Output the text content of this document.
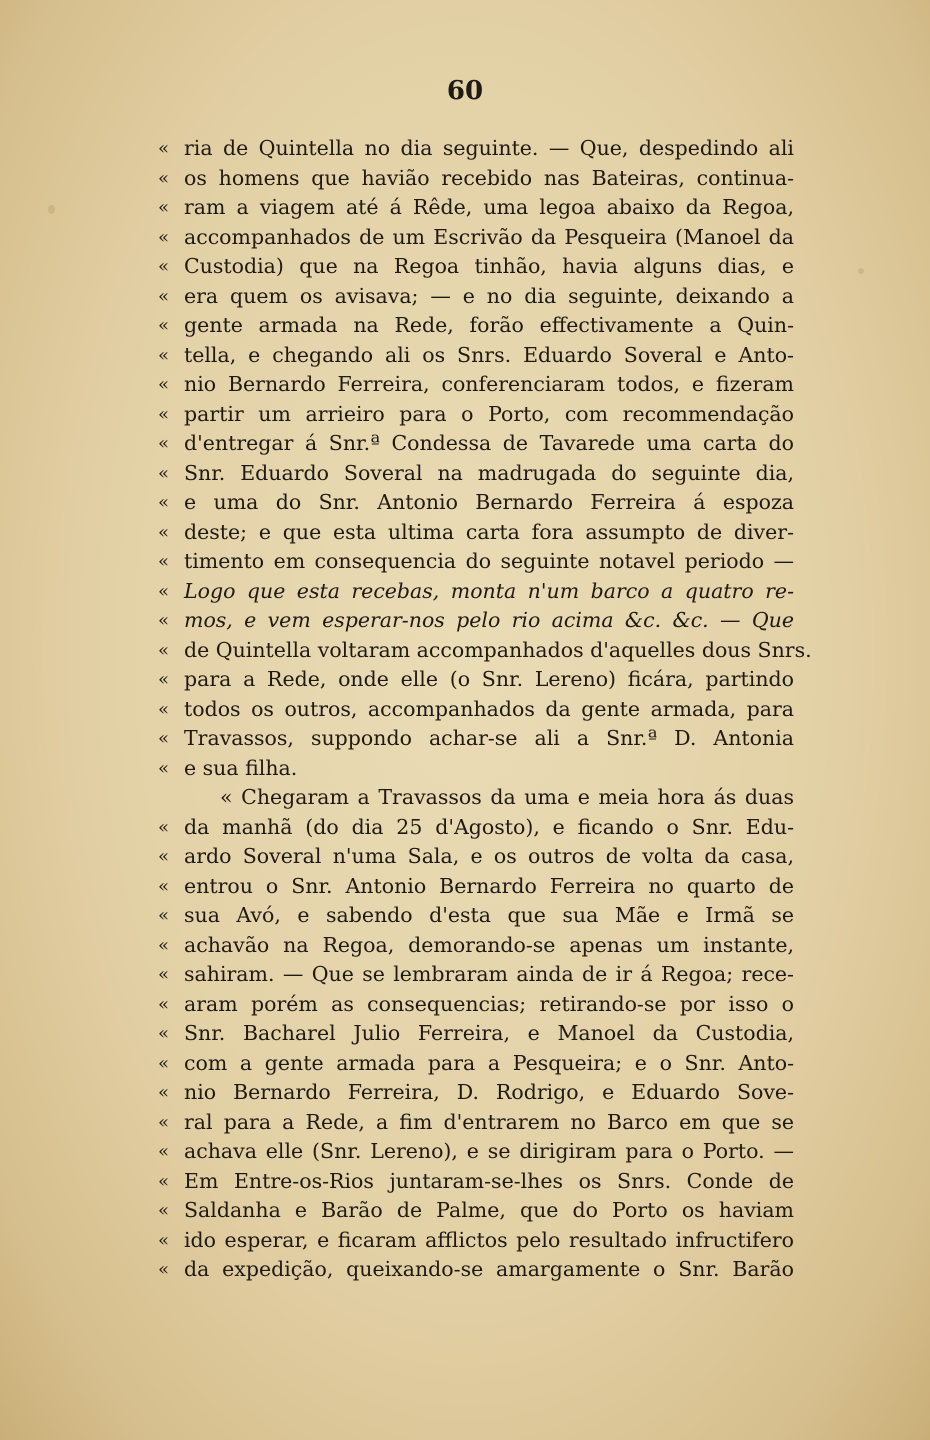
60
« ria de Quintella no dia seguinte. — Que, despedindo ali
« os homens que havião recebido nas Bateiras, continua-
« ram a viagem até á Rêde, uma legoa abaixo da Regoa,
« accompanhados de um Escrivão da Pesqueira (Manoel da
« Custodia) que na Regoa tinhão, havia alguns dias, e
« era quem os avisava; — e no dia seguinte, deixando a
« gente armada na Rede, forão effectivamente a Quin-
« tella, e chegando ali os Snrs. Eduardo Soveral e Anto-
« nio Bernardo Ferreira, conferenciaram todos, e fizeram
« partir um arrieiro para o Porto, com recommendação
« d'entregar á Snr.ª Condessa de Tavarede uma carta do
« Snr. Eduardo Soveral na madrugada do seguinte dia,
« e uma do Snr. Antonio Bernardo Ferreira á espoza
« deste; e que esta ultima carta fora assumpto de diver-
« timento em consequencia do seguinte notavel periodo —
« Logo que esta recebas, monta n'um barco a quatro re-
« mos, e vem esperar-nos pelo rio acima &c. &c. — Que
« de Quintella voltaram accompanhados d'aquelles dous Snrs.
« para a Rede, onde elle (o Snr. Lereno) ficára, partindo
« todos os outros, accompanhados da gente armada, para
« Travassos, suppondo achar-se ali a Snr.ª D. Antonia
« e sua filha.
« Chegaram a Travassos da uma e meia hora ás duas
« da manhã (do dia 25 d'Agosto), e ficando o Snr. Edu-
« ardo Soveral n'uma Sala, e os outros de volta da casa,
« entrou o Snr. Antonio Bernardo Ferreira no quarto de
« sua Avó, e sabendo d'esta que sua Mãe e Irmã se
« achavão na Regoa, demorando-se apenas um instante,
« sahiram. — Que se lembraram ainda de ir á Regoa; rece-
« aram porém as consequencias; retirando-se por isso o
« Snr. Bacharel Julio Ferreira, e Manoel da Custodia,
« com a gente armada para a Pesqueira; e o Snr. Anto-
« nio Bernardo Ferreira, D. Rodrigo, e Eduardo Sove-
« ral para a Rede, a fim d'entrarem no Barco em que se
« achava elle (Snr. Lereno), e se dirigiram para o Porto. —
« Em Entre-os-Rios juntaram-se-lhes os Snrs. Conde de
« Saldanha e Barão de Palme, que do Porto os haviam
« ido esperar, e ficaram afflictos pelo resultado infructifero
« da expedição, queixando-se amargamente o Snr. Barão
